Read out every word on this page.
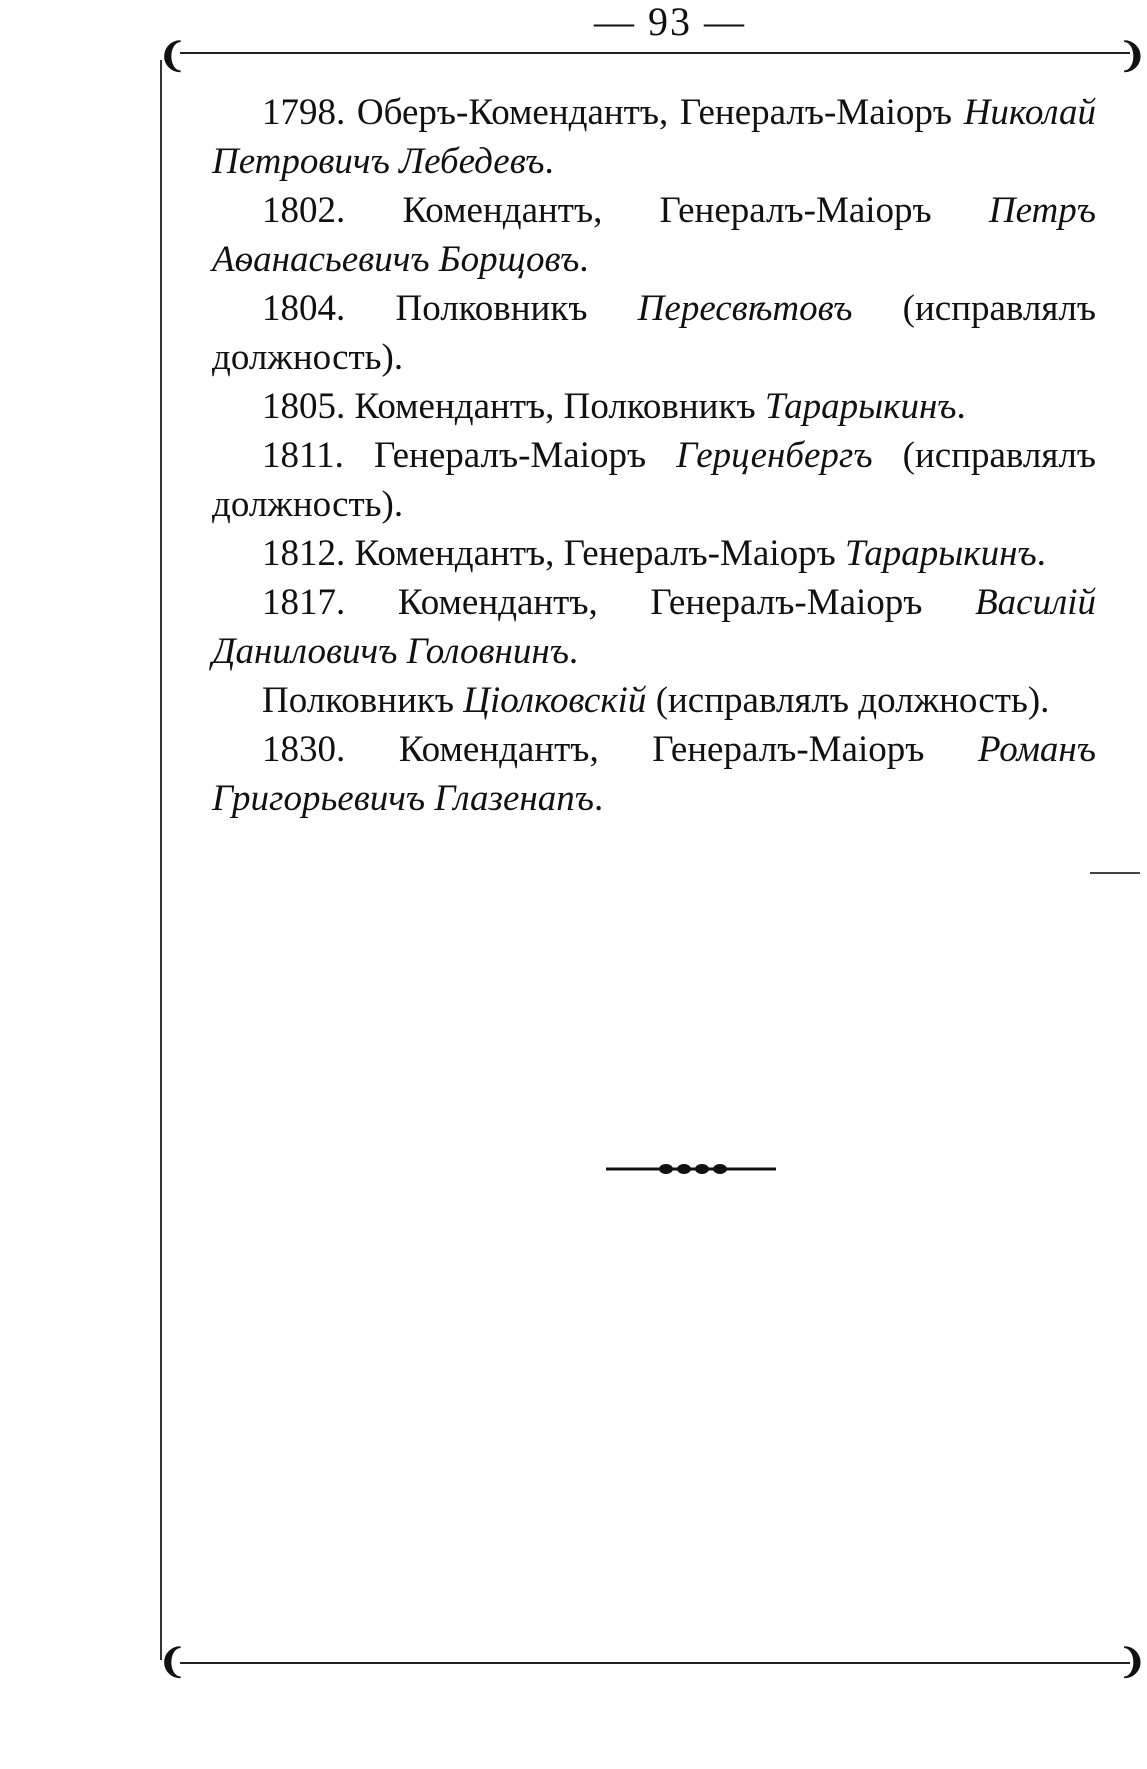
— 93 —
❨	❩
❨	❩

1798. Оберъ-Комендантъ, Генералъ-Маiоръ Николай Петровичъ Лебедевъ.

1802. Комендантъ, Генералъ-Маiоръ Петръ Аѳанасьевичъ Борщовъ.

1804. Полковникъ Пересвѣтовъ (исправлялъ должность).

1805. Комендантъ, Полковникъ Тарарыкинъ.

1811. Генералъ-Маiоръ Герценбергъ (исправлялъ должность).

1812. Комендантъ, Генералъ-Маiоръ Тарарыкинъ.

1817. Комендантъ, Генералъ-Маiоръ Василiй Даниловичъ Головнинъ.

Полковникъ Цiолковскiй (исправлялъ должность).

1830. Комендантъ, Генералъ-Маiоръ Романъ Григорьевичъ Глазенапъ.
